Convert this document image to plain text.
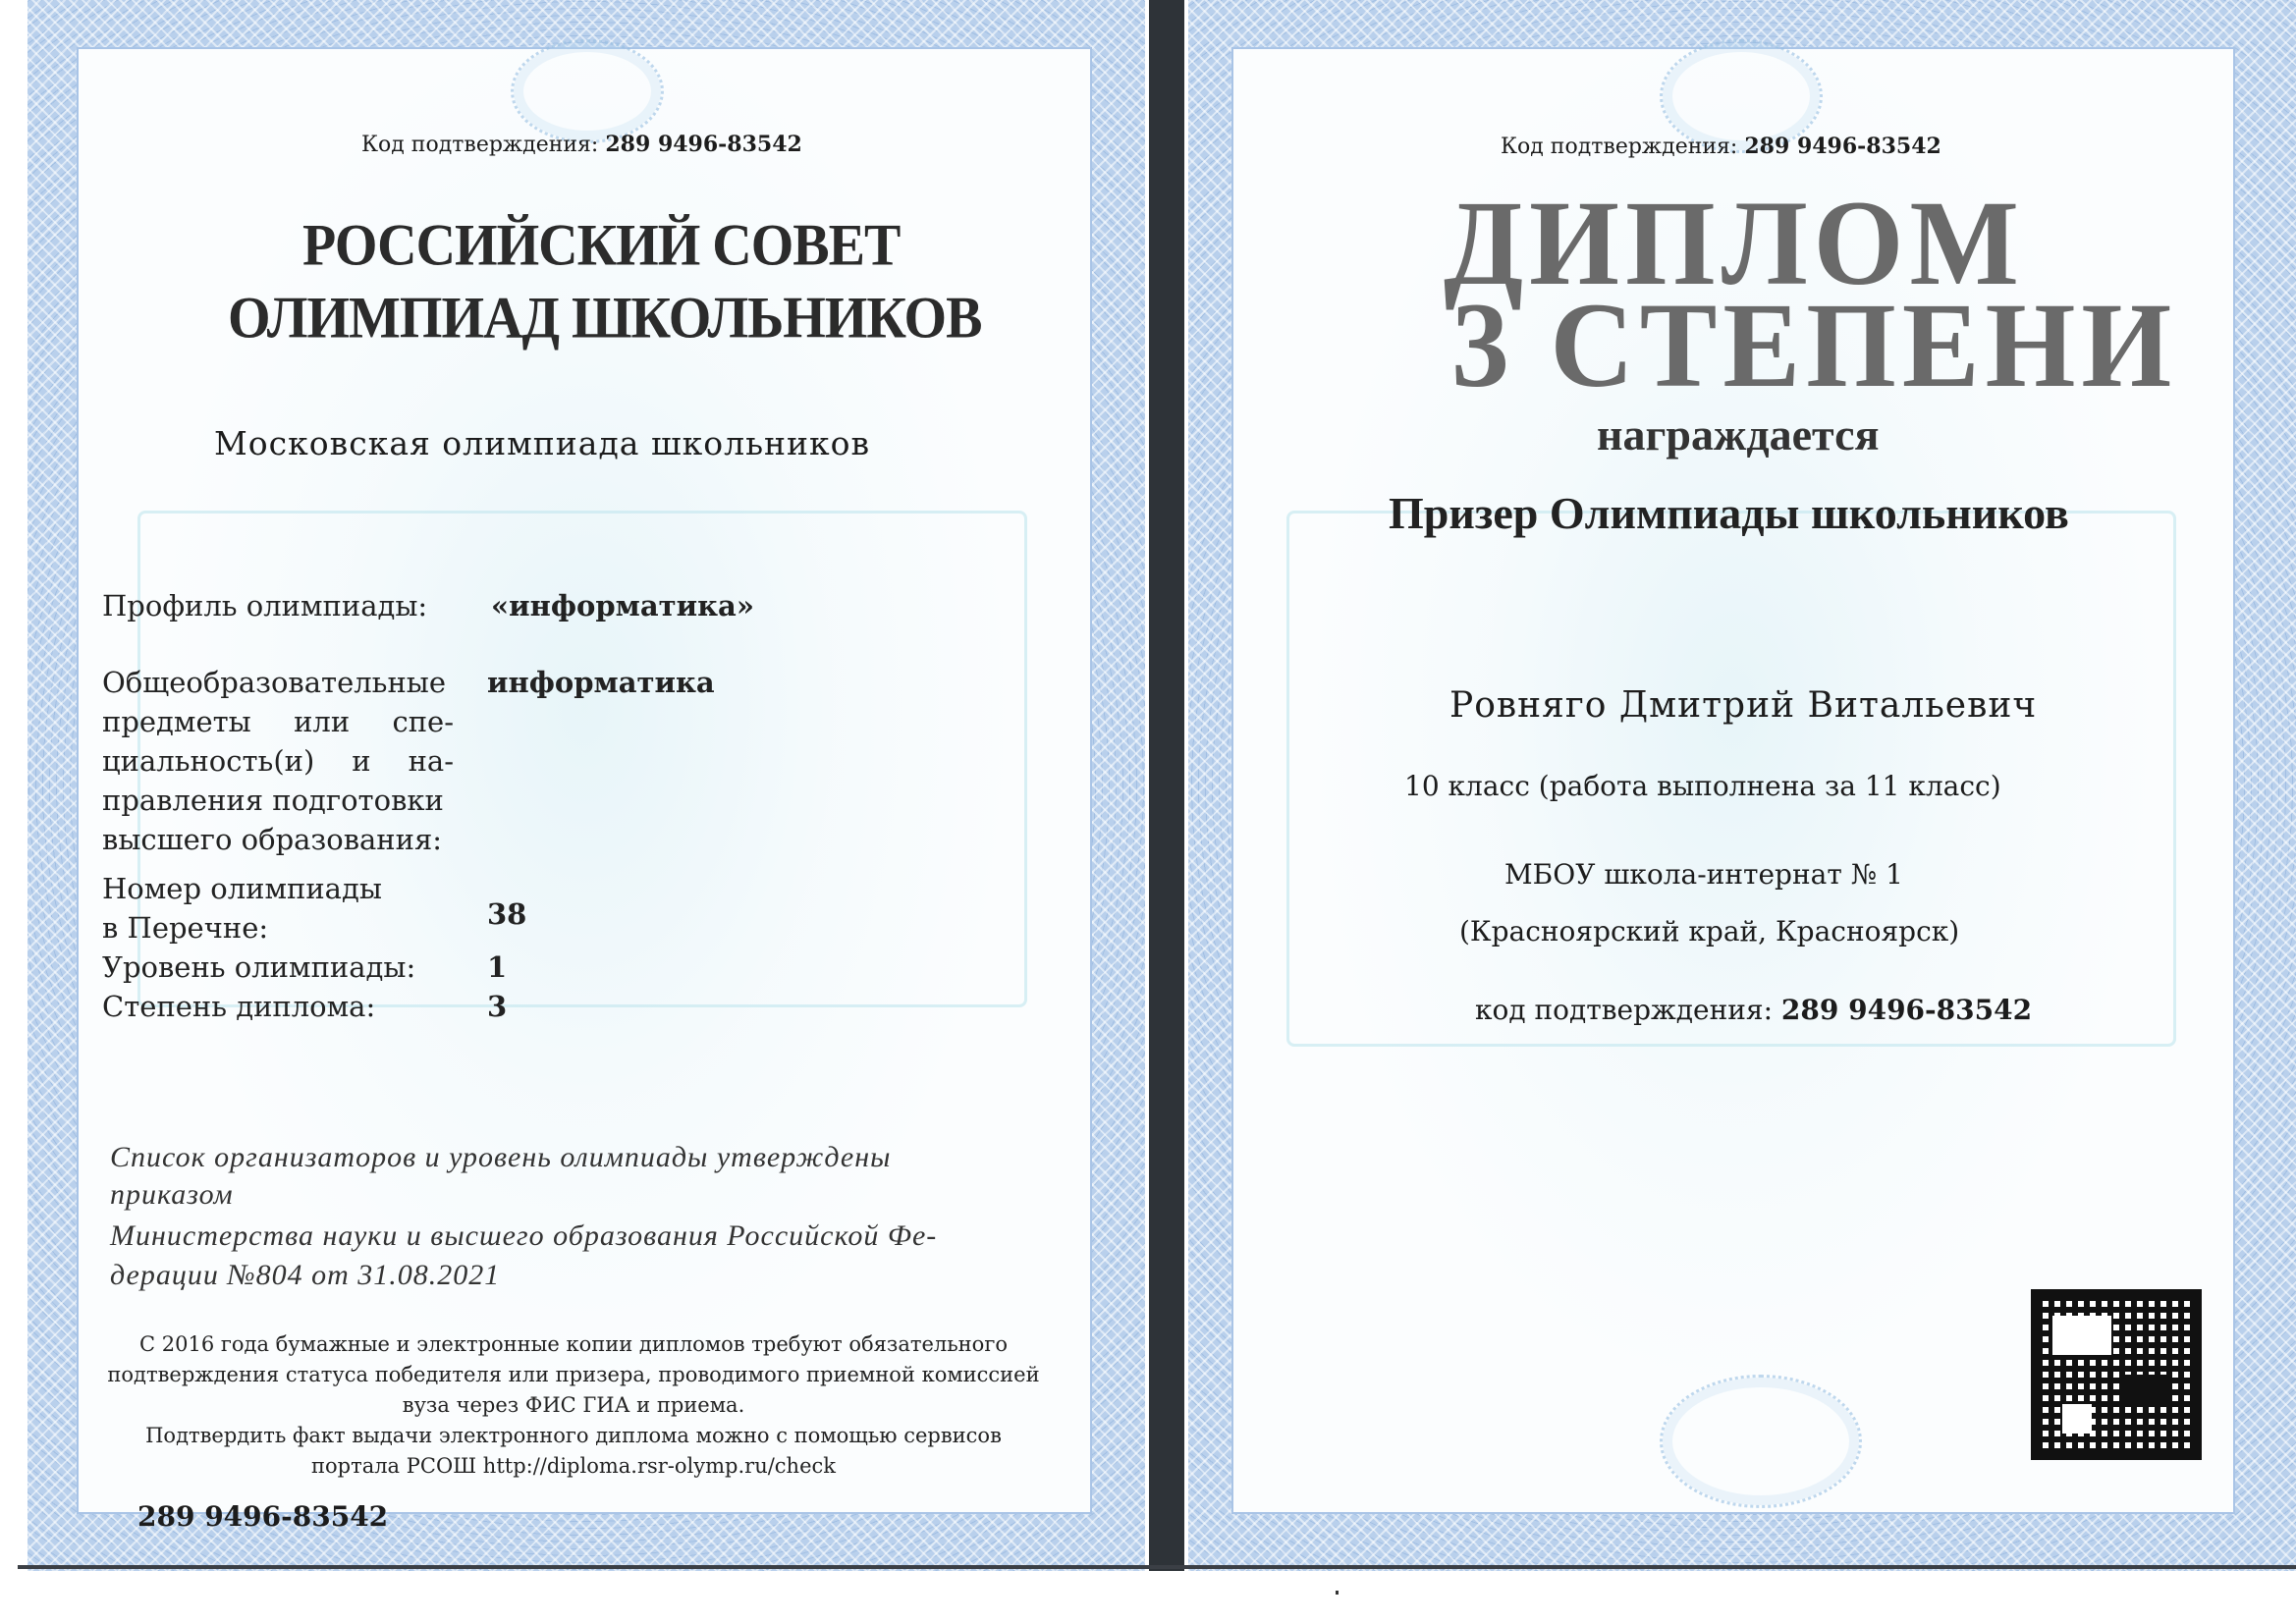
Код подтверждения: 289 9496-83542
РОССИЙСКИЙ СОВЕТ
ОЛИМПИАД ШКОЛЬНИКОВ
Московская олимпиада школьников
Профиль олимпиады: «информатика»
Общеобразовательные
предметы или спе-
циальность(и) и на-
правления подготовки
высшего образования:
информатика
Номер олимпиады
в Перечне:	38
Уровень олимпиады:	1
Степень диплома:	3
Список организаторов и уровень олимпиады утверждены
приказом
Министерства науки и высшего образования Российской Фе-
дерации №804 от 31.08.2021
С 2016 года бумажные и электронные копии дипломов требуют обязательного
подтверждения статуса победителя или призера, проводимого приемной комиссией
вуза через ФИС ГИА и приема.
Подтвердить факт выдачи электронного диплома можно с помощью сервисов
портала РСОШ http://diploma.rsr-olymp.ru/check
289 9496-83542
Код подтверждения: 289 9496-83542
ДИПЛОМ
3 СТЕПЕНИ
награждается
Призер Олимпиады школьников
Ровняго Дмитрий Витальевич
10 класс (работа выполнена за 11 класс)
МБОУ школа-интернат № 1
(Красноярский край, Красноярск)
код подтверждения: 289 9496-83542
